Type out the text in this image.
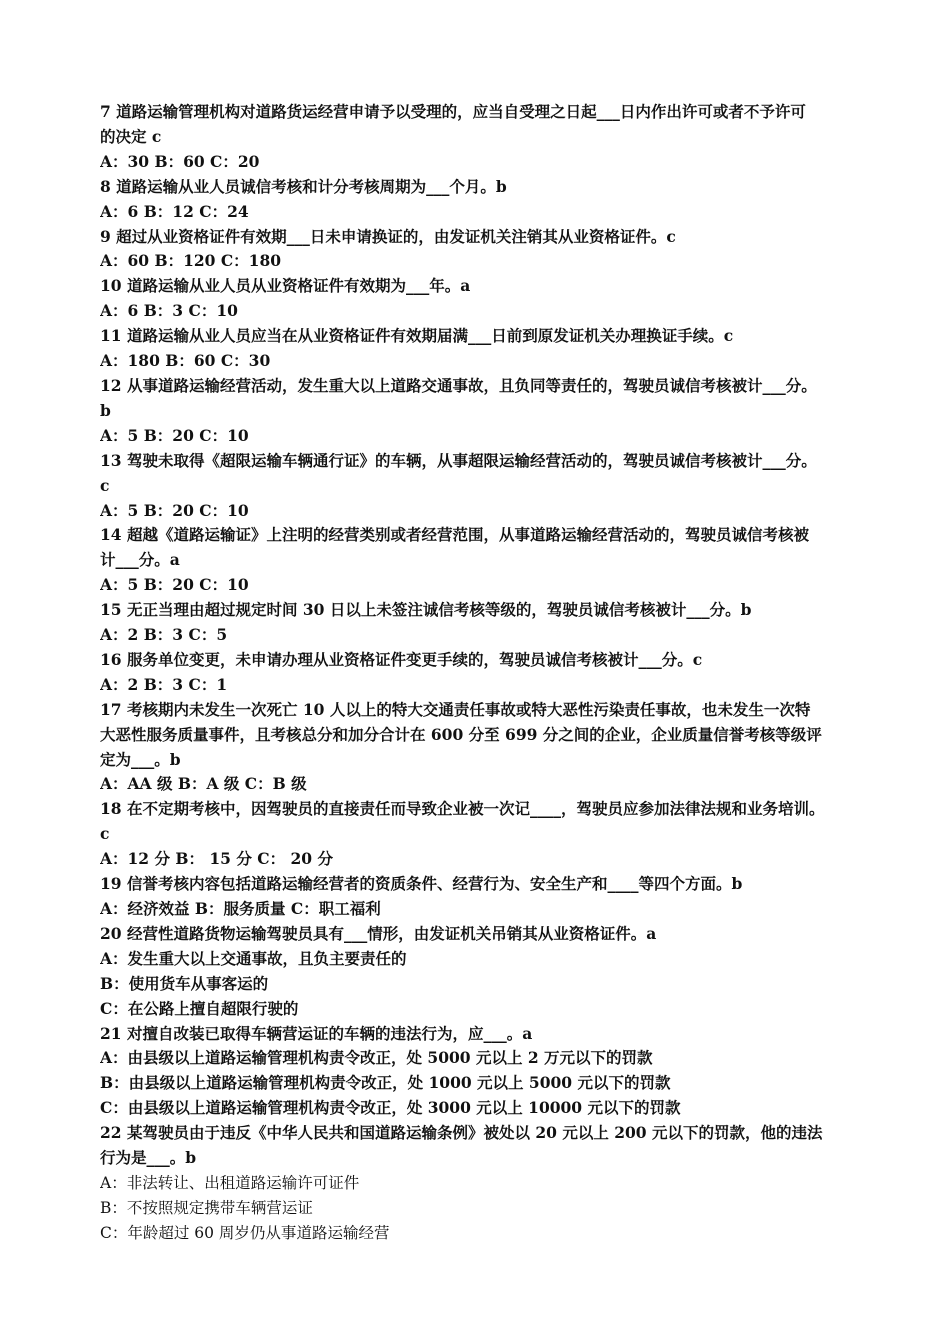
7 道路运输管理机构对道路货运经营申请予以受理的，应当自受理之日起___日内作出许可或者不予许可
的决定 c
A：30 B：60 C：20
8 道路运输从业人员诚信考核和计分考核周期为___个月。b
A：6 B：12 C：24
9 超过从业资格证件有效期___日未申请换证的，由发证机关注销其从业资格证件。c
A：60 B：120 C：180
10 道路运输从业人员从业资格证件有效期为___年。a
A：6 B：3 C：10
11 道路运输从业人员应当在从业资格证件有效期届满___日前到原发证机关办理换证手续。c
A：180 B：60 C：30
12 从事道路运输经营活动，发生重大以上道路交通事故，且负同等责任的，驾驶员诚信考核被计___分。
b
A：5 B：20 C：10
13 驾驶未取得《超限运输车辆通行证》的车辆，从事超限运输经营活动的，驾驶员诚信考核被计___分。
c
A：5 B：20 C：10
14 超越《道路运输证》上注明的经营类别或者经营范围，从事道路运输经营活动的，驾驶员诚信考核被
计___分。a
A：5 B：20 C：10
15 无正当理由超过规定时间 30 日以上未签注诚信考核等级的，驾驶员诚信考核被计___分。b
A：2 B：3 C：5
16 服务单位变更，未申请办理从业资格证件变更手续的，驾驶员诚信考核被计___分。c
A：2 B：3 C：1
17 考核期内未发生一次死亡 10 人以上的特大交通责任事故或特大恶性污染责任事故，也未发生一次特
大恶性服务质量事件，且考核总分和加分合计在 600 分至 699 分之间的企业，企业质量信誉考核等级评
定为___。b
A：AA 级 B：A 级 C：B 级
18 在不定期考核中，因驾驶员的直接责任而导致企业被一次记____，驾驶员应参加法律法规和业务培训。
c
A：12 分 B： 15 分 C： 20 分
19 信誉考核内容包括道路运输经营者的资质条件、经营行为、安全生产和____等四个方面。b
A：经济效益 B：服务质量 C：职工福利
20 经营性道路货物运输驾驶员具有___情形，由发证机关吊销其从业资格证件。a
A：发生重大以上交通事故，且负主要责任的
B：使用货车从事客运的
C：在公路上擅自超限行驶的
21 对擅自改装已取得车辆营运证的车辆的违法行为，应___。a
A：由县级以上道路运输管理机构责令改正，处 5000 元以上 2 万元以下的罚款
B：由县级以上道路运输管理机构责令改正，处 1000 元以上 5000 元以下的罚款
C：由县级以上道路运输管理机构责令改正，处 3000 元以上 10000 元以下的罚款
22 某驾驶员由于违反《中华人民共和国道路运输条例》被处以 20 元以上 200 元以下的罚款，他的违法
行为是___。b
A：非法转让、出租道路运输许可证件
B：不按照规定携带车辆营运证
C：年龄超过 60 周岁仍从事道路运输经营
